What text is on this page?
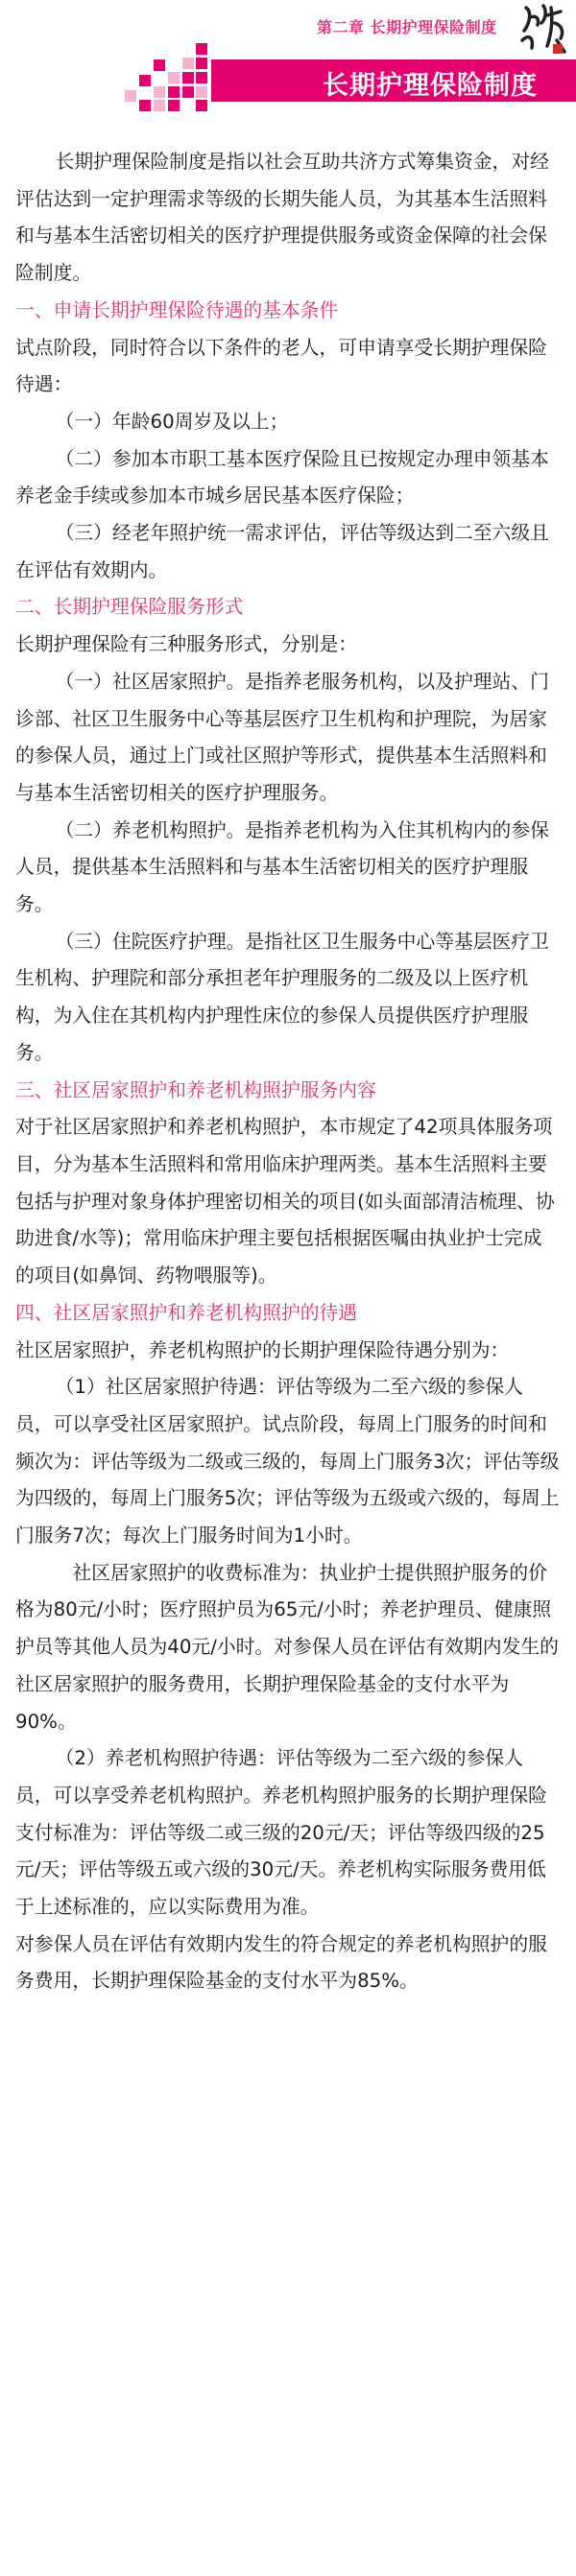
第二章 长期护理保险制度
长期护理保险制度

长期护理保险制度是指以社会互助共济方式筹集资金，对经评估达到一定护理需求等级的长期失能人员，为其基本生活照料和与基本生活密切相关的医疗护理提供服务或资金保障的社会保险制度。

一、申请长期护理保险待遇的基本条件

试点阶段，同时符合以下条件的老人，可申请享受长期护理保险待遇：

（一）年龄60周岁及以上；

（二）参加本市职工基本医疗保险且已按规定办理申领基本养老金手续或参加本市城乡居民基本医疗保险；

（三）经老年照护统一需求评估，评估等级达到二至六级且在评估有效期内。

二、长期护理保险服务形式

长期护理保险有三种服务形式，分别是：

（一）社区居家照护。是指养老服务机构，以及护理站、门诊部、社区卫生服务中心等基层医疗卫生机构和护理院，为居家的参保人员，通过上门或社区照护等形式，提供基本生活照料和与基本生活密切相关的医疗护理服务。

（二）养老机构照护。是指养老机构为入住其机构内的参保人员，提供基本生活照料和与基本生活密切相关的医疗护理服务。

（三）住院医疗护理。是指社区卫生服务中心等基层医疗卫生机构、护理院和部分承担老年护理服务的二级及以上医疗机构，为入住在其机构内护理性床位的参保人员提供医疗护理服务。

三、社区居家照护和养老机构照护服务内容

对于社区居家照护和养老机构照护，本市规定了42项具体服务项目，分为基本生活照料和常用临床护理两类。基本生活照料主要包括与护理对象身体护理密切相关的项目(如头面部清洁梳理、协助进食/水等)；常用临床护理主要包括根据医嘱由执业护士完成的项目(如鼻饲、药物喂服等)。

四、社区居家照护和养老机构照护的待遇

社区居家照护，养老机构照护的长期护理保险待遇分别为：

（1）社区居家照护待遇：评估等级为二至六级的参保人员，可以享受社区居家照护。试点阶段，每周上门服务的时间和频次为：评估等级为二级或三级的，每周上门服务3次；评估等级为四级的，每周上门服务5次；评估等级为五级或六级的，每周上门服务7次；每次上门服务时间为1小时。

社区居家照护的收费标准为：执业护士提供照护服务的价格为80元/小时；医疗照护员为65元/小时；养老护理员、健康照护员等其他人员为40元/小时。对参保人员在评估有效期内发生的社区居家照护的服务费用，长期护理保险基金的支付水平为90%。

（2）养老机构照护待遇：评估等级为二至六级的参保人员，可以享受养老机构照护。养老机构照护服务的长期护理保险支付标准为：评估等级二或三级的20元/天；评估等级四级的25元/天；评估等级五或六级的30元/天。养老机构实际服务费用低于上述标准的，应以实际费用为准。

对参保人员在评估有效期内发生的符合规定的养老机构照护的服务费用，长期护理保险基金的支付水平为85%。
